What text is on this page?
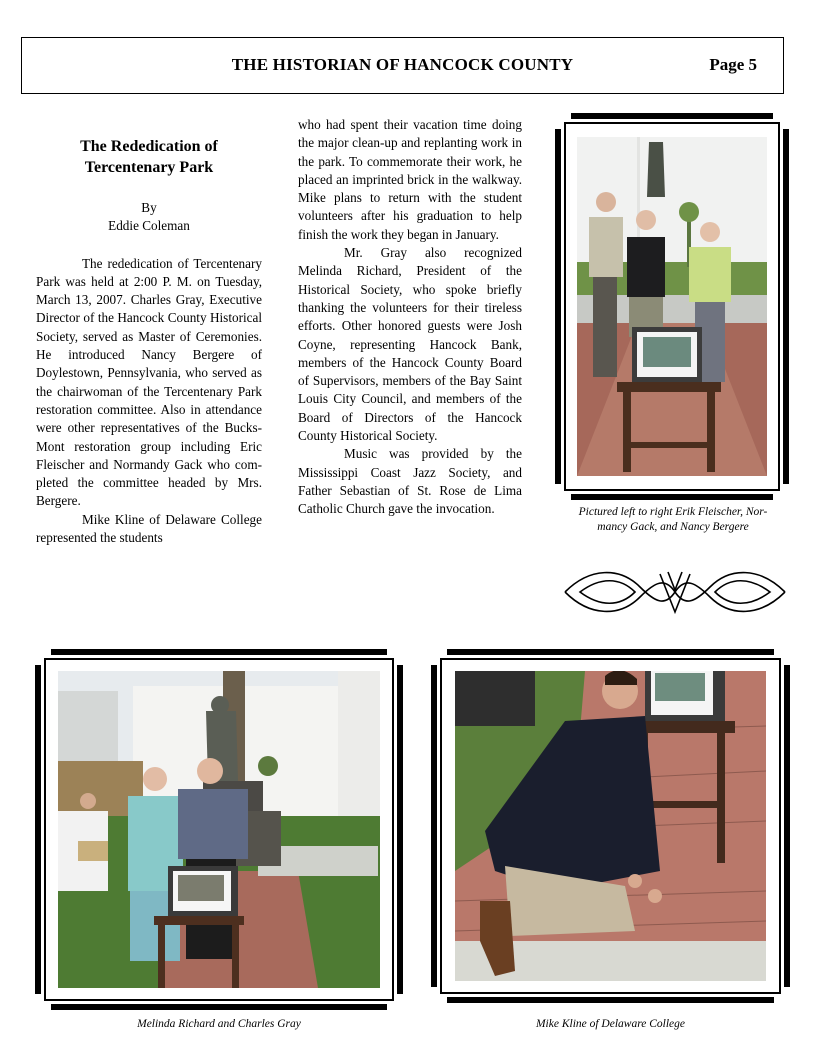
THE HISTORIAN OF HANCOCK COUNTY	Page 5
The Rededication of
Tercentenary Park
By
Eddie Coleman

The rededication of Tercentenary Park was held at 2:00 P. M. on Tuesday, March 13, 2007. Charles Gray, Executive Director of the Hancock County Historical Society, served as Master of Ceremonies. He introduced Nancy Bergere of Doylestown, Pennsylvania, who served as the chairwoman of the Tercentenary Park restoration committee. Also in attendance were other representatives of the Bucks-Mont restoration group including Eric Fleischer and Normandy Gack who completed the committee headed by Mrs. Bergere.

Mike Kline of Delaware College represented the students

who had spent their vacation time doing the major clean-up and replanting work in the park. To commemorate their work, he placed an imprinted brick in the walkway. Mike plans to return with the student volunteers after his graduation to help finish the work they began in January.

Mr. Gray also recognized Melinda Richard, President of the Historical Society, who spoke briefly thanking the volunteers for their tireless efforts. Other honored guests were Josh Coyne, representing Hancock Bank, members of the Hancock County Board of Supervisors, members of the Bay Saint Louis City Council, and members of the Board of Directors of the Hancock County Historical Society.

Music was provided by the Mississippi Coast Jazz Society, and Father Sebastian of St. Rose de Lima Catholic Church gave the invocation.	Pictured left to right Erik Fleischer, Nor-
mancy Gack, and Nancy Bergere
Melinda Richard and Charles Gray	Mike Kline of Delaware College
